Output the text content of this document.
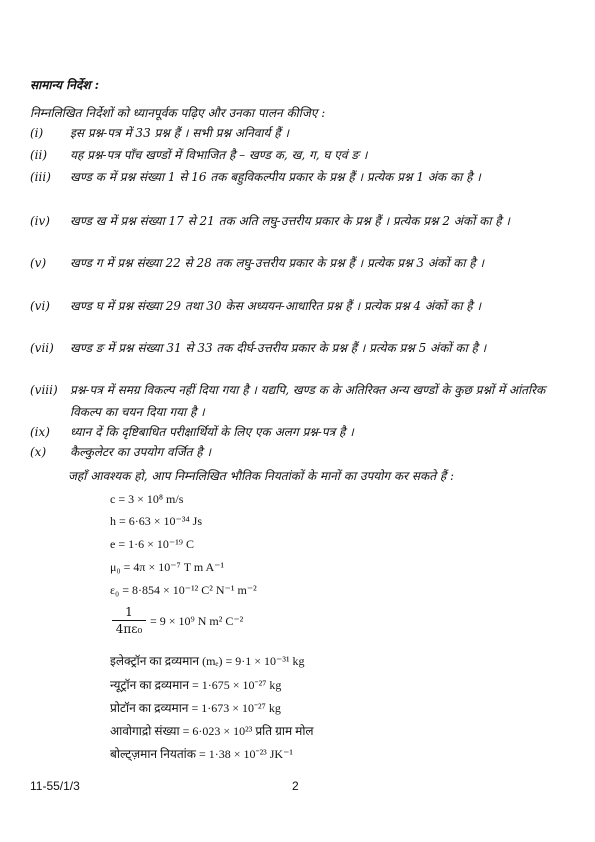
सामान्य निर्देश :
निम्नलिखित निर्देशों को ध्यानपूर्वक पढ़िए और उनका पालन कीजिए :
(i) इस प्रश्न-पत्र में 33 प्रश्न हैं । सभी प्रश्न अनिवार्य हैं ।
(ii) यह प्रश्न-पत्र पाँच खण्डों में विभाजित है – खण्ड क, ख, ग, घ एवं ङ ।
(iii) खण्ड क में प्रश्न संख्या 1 से 16 तक बहुविकल्पीय प्रकार के प्रश्न हैं । प्रत्येक प्रश्न 1 अंक का है ।
(iv) खण्ड ख में प्रश्न संख्या 17 से 21 तक अति लघु-उत्तरीय प्रकार के प्रश्न हैं । प्रत्येक प्रश्न 2 अंकों का है ।
(v) खण्ड ग में प्रश्न संख्या 22 से 28 तक लघु-उत्तरीय प्रकार के प्रश्न हैं । प्रत्येक प्रश्न 3 अंकों का है ।
(vi) खण्ड घ में प्रश्न संख्या 29 तथा 30 केस अध्ययन-आधारित प्रश्न हैं । प्रत्येक प्रश्न 4 अंकों का है ।
(vii) खण्ड ङ में प्रश्न संख्या 31 से 33 तक दीर्घ-उत्तरीय प्रकार के प्रश्न हैं । प्रत्येक प्रश्न 5 अंकों का है ।
(viii) प्रश्न-पत्र में समग्र विकल्प नहीं दिया गया है । यद्यपि, खण्ड क के अतिरिक्त अन्य खण्डों के कुछ प्रश्नों में आंतरिक विकल्प का चयन दिया गया है ।
(ix) ध्यान दें कि दृष्टिबाधित परीक्षार्थियों के लिए एक अलग प्रश्न-पत्र है ।
(x) कैल्कुलेटर का उपयोग वर्जित है ।
जहाँ आवश्यक हो, आप निम्नलिखित भौतिक नियतांकों के मानों का उपयोग कर सकते हैं :
c = 3 × 10⁸ m/s
h = 6·63 × 10⁻³⁴ Js
e = 1·6 × 10⁻¹⁹ C
μ₀ = 4π × 10⁻⁷ T m A⁻¹
ε₀ = 8·854 × 10⁻¹² C² N⁻¹ m⁻²
$\frac{1}{\text{4πε₀}} = 9 \times 10^9$ N m² C⁻²
इलेक्ट्रॉन का द्रव्यमान (mₑ) = 9·1 × 10⁻³¹ kg
न्यूट्रॉन का द्रव्यमान = 1·675 × 10⁻²⁷ kg
प्रोटॉन का द्रव्यमान = 1·673 × 10⁻²⁷ kg
आवोगाद्रो संख्या = 6·023 × 10²³ प्रति ग्राम मोल
बोल्ट्ज़मान नियतांक = 1·38 × 10⁻²³ JK⁻¹
11-55/1/3	2
